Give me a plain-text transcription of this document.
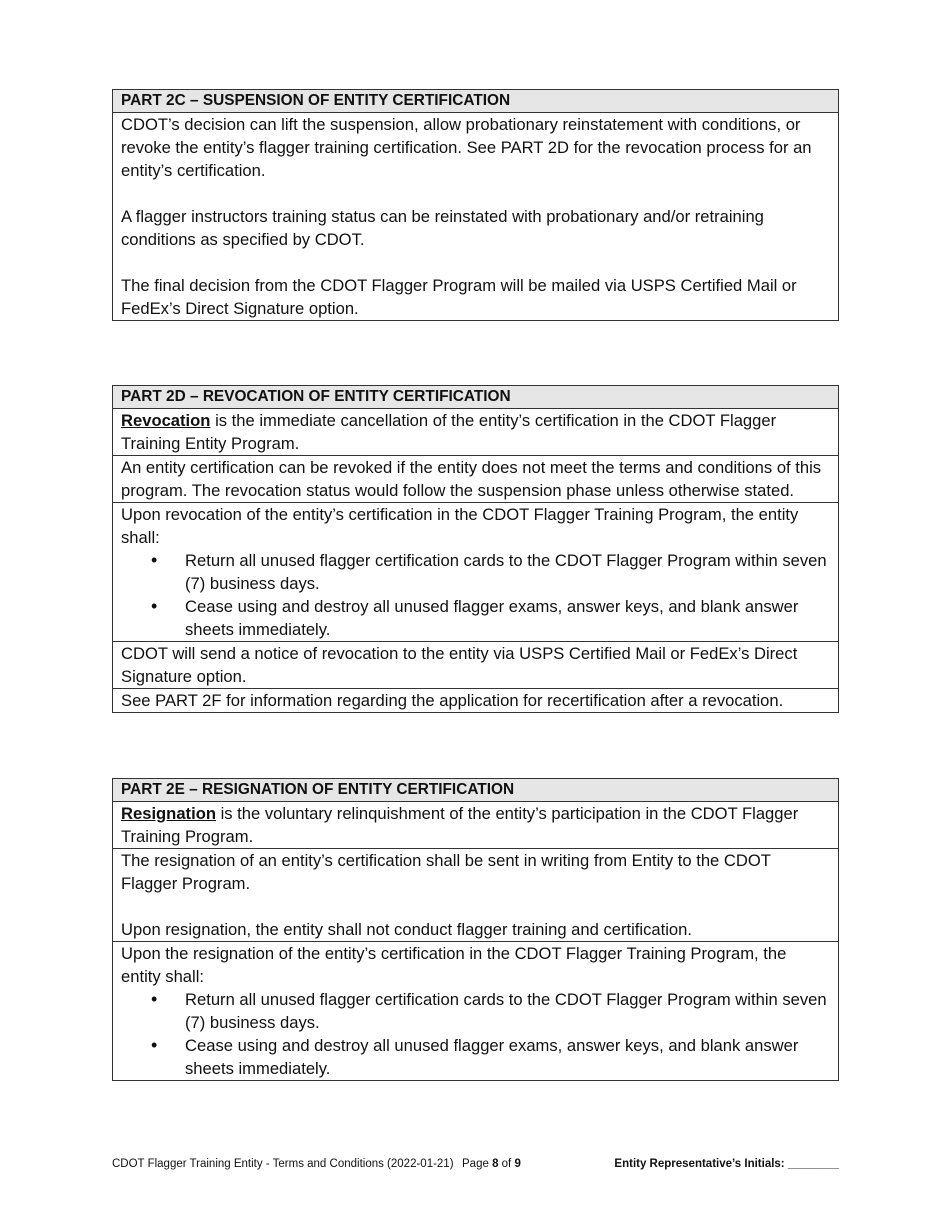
PART 2C – SUSPENSION OF ENTITY CERTIFICATION

CDOT’s decision can lift the suspension, allow probationary reinstatement with conditions, or revoke the entity’s flagger training certification. See PART 2D for the revocation process for an entity’s certification.

A flagger instructors training status can be reinstated with probationary and/or retraining conditions as specified by CDOT.

The final decision from the CDOT Flagger Program will be mailed via USPS Certified Mail or FedEx’s Direct Signature option.

PART 2D – REVOCATION OF ENTITY CERTIFICATION
Revocation is the immediate cancellation of the entity’s certification in the CDOT Flagger Training Entity Program.
An entity certification can be revoked if the entity does not meet the terms and conditions of this program. The revocation status would follow the suspension phase unless otherwise stated.

Upon revocation of the entity’s certification in the CDOT Flagger Training Program, the entity shall:

• Return all unused flagger certification cards to the CDOT Flagger Program within seven (7) business days.
• Cease using and destroy all unused flagger exams, answer keys, and blank answer sheets immediately.

CDOT will send a notice of revocation to the entity via USPS Certified Mail or FedEx’s Direct Signature option.
See PART 2F for information regarding the application for recertification after a revocation.
PART 2E – RESIGNATION OF ENTITY CERTIFICATION
Resignation is the voluntary relinquishment of the entity’s participation in the CDOT Flagger Training Program.

The resignation of an entity’s certification shall be sent in writing from Entity to the CDOT Flagger Program.

Upon resignation, the entity shall not conduct flagger training and certification.

Upon the resignation of the entity’s certification in the CDOT Flagger Training Program, the entity shall:

• Return all unused flagger certification cards to the CDOT Flagger Program within seven (7) business days.
• Cease using and destroy all unused flagger exams, answer keys, and blank answer sheets immediately.
CDOT Flagger Training Entity - Terms and Conditions (2022-01-21) Page 8 of 9	Entity Representative’s Initials: ________
